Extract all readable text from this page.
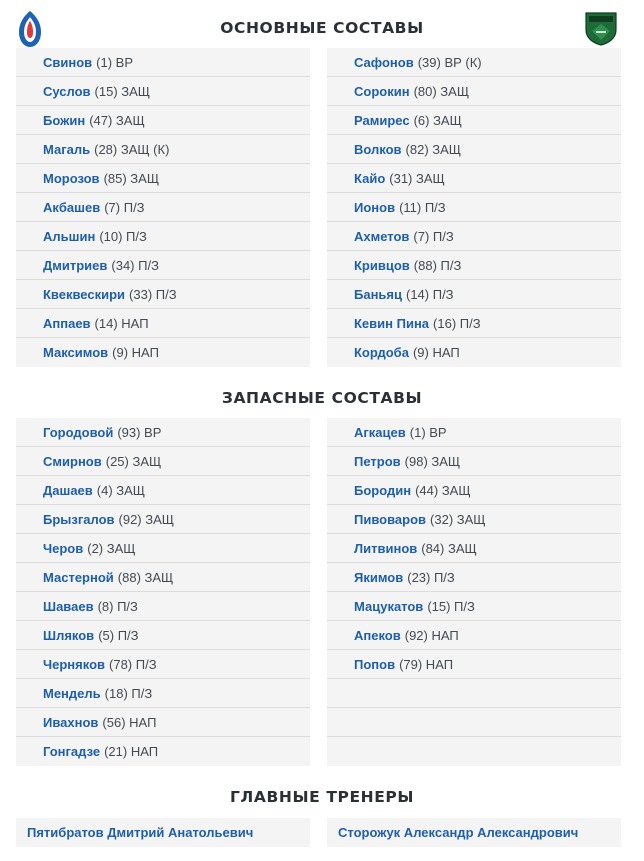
ОСНОВНЫЕ СОСТАВЫ
Свинов (1) ВР
Суслов (15) ЗАЩ
Божин (47) ЗАЩ
Магаль (28) ЗАЩ (К)
Морозов (85) ЗАЩ
Акбашев (7) П/З
Альшин (10) П/З
Дмитриев (34) П/З
Квеквескири (33) П/З
Аппаев (14) НАП
Максимов (9) НАП
Сафонов (39) ВР (К)
Сорокин (80) ЗАЩ
Рамирес (6) ЗАЩ
Волков (82) ЗАЩ
Кайо (31) ЗАЩ
Ионов (11) П/З
Ахметов (7) П/З
Кривцов (88) П/З
Баньяц (14) П/З
Кевин Пина (16) П/З
Кордоба (9) НАП
ЗАПАСНЫЕ СОСТАВЫ
Городовой (93) ВР
Смирнов (25) ЗАЩ
Дашаев (4) ЗАЩ
Брызгалов (92) ЗАЩ
Черов (2) ЗАЩ
Мастерной (88) ЗАЩ
Шаваев (8) П/З
Шляков (5) П/З
Черняков (78) П/З
Мендель (18) П/З
Ивахнов (56) НАП
Гонгадзе (21) НАП
Агкацев (1) ВР
Петров (98) ЗАЩ
Бородин (44) ЗАЩ
Пивоваров (32) ЗАЩ
Литвинов (84) ЗАЩ
Якимов (23) П/З
Мацукатов (15) П/З
Апеков (92) НАП
Попов (79) НАП
ГЛАВНЫЕ ТРЕНЕРЫ
Пятибратов Дмитрий Анатольевич	Сторожук Александр Александрович
